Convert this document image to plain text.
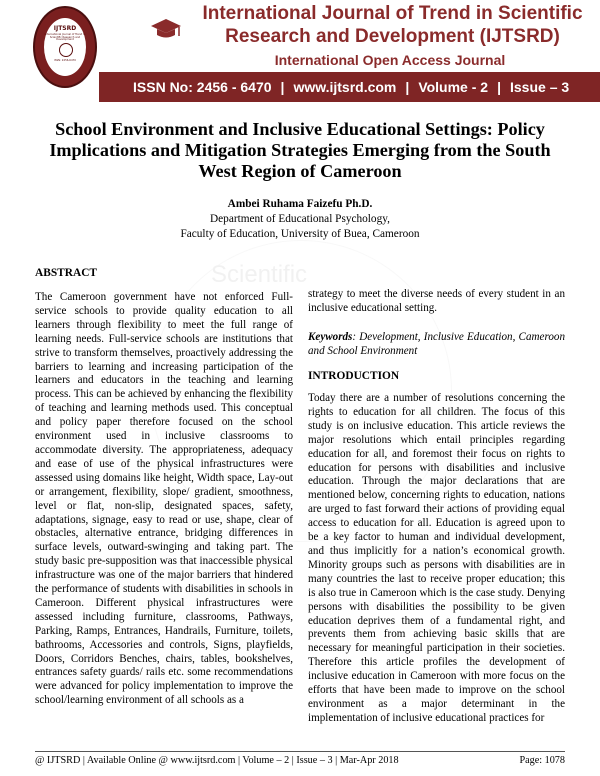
IJTSRD
International Journal of Trend in Scientific Research and Development
ISSN: 2456-6470
International Journal of Trend in Scientific Research and Development (IJTSRD)
International Open Access Journal
ISSN No: 2456 - 6470 | www.ijtsrd.com | Volume - 2 | Issue – 3
School Environment and Inclusive Educational Settings: Policy Implications and Mitigation Strategies Emerging from the South West Region of Cameroon
Ambei Ruhama Faizefu Ph.D.
Department of Educational Psychology,
Faculty of Education, University of Buea, Cameroon
Scientific
ABSTRACT
The Cameroon government have not enforced Full-service schools to provide quality education to all learners through flexibility to meet the full range of learning needs. Full-service schools are institutions that strive to transform themselves, proactively addressing the barriers to learning and increasing participation of the learners and educators in the teaching and learning process. This can be achieved by enhancing the flexibility of teaching and learning methods used. This conceptual and policy paper therefore focused on the school environment used in inclusive classrooms to accommodate diversity. The appropriateness, adequacy and ease of use of the physical infrastructures were assessed using domains like height, Width space, Lay-out or arrangement, flexibility, slope/ gradient, smoothness, level or flat, non-slip, designated spaces, safety, adaptations, signage, easy to read or use, shape, clear of obstacles, alternative entrance, bridging differences in surface levels, outward-swinging and taking part. The study basic pre-supposition was that inaccessible physical infrastructure was one of the major barriers that hindered the performance of students with disabilities in schools in Cameroon. Different physical infrastructures were assessed including furniture, classrooms, Pathways, Parking, Ramps, Entrances, Handrails, Furniture, toilets, bathrooms, Accessories and controls, Signs, playfields, Doors, Corridors Benches, chairs, tables, bookshelves, entrances safety guards/ rails etc. some recommendations were advanced for policy implementation to improve the school/learning environment of all schools as a
strategy to meet the diverse needs of every student in an inclusive educational setting.
Keywords: Development, Inclusive Education, Cameroon and School Environment
INTRODUCTION
Today there are a number of resolutions concerning the rights to education for all children. The focus of this study is on inclusive education. This article reviews the major resolutions which entail principles regarding education for all, and foremost their focus on rights to education for persons with disabilities and inclusive education. Through the major declarations that are mentioned below, concerning rights to education, nations are urged to fast forward their actions of providing equal access to education for all. Education is agreed upon to be a key factor to human and individual development, and thus implicitly for a nation’s economical growth. Minority groups such as persons with disabilities are in many countries the last to receive proper education; this is also true in Cameroon which is the case study. Denying persons with disabilities the possibility to be given education deprives them of a fundamental right, and prevents them from achieving basic skills that are necessary for meaningful participation in their societies. Therefore this article profiles the development of inclusive education in Cameroon with more focus on the efforts that have been made to improve on the school environment as a major determinant in the implementation of inclusive educational practices for
@ IJTSRD | Available Online @ www.ijtsrd.com | Volume – 2 | Issue – 3 | Mar-Apr 2018	Page: 1078
